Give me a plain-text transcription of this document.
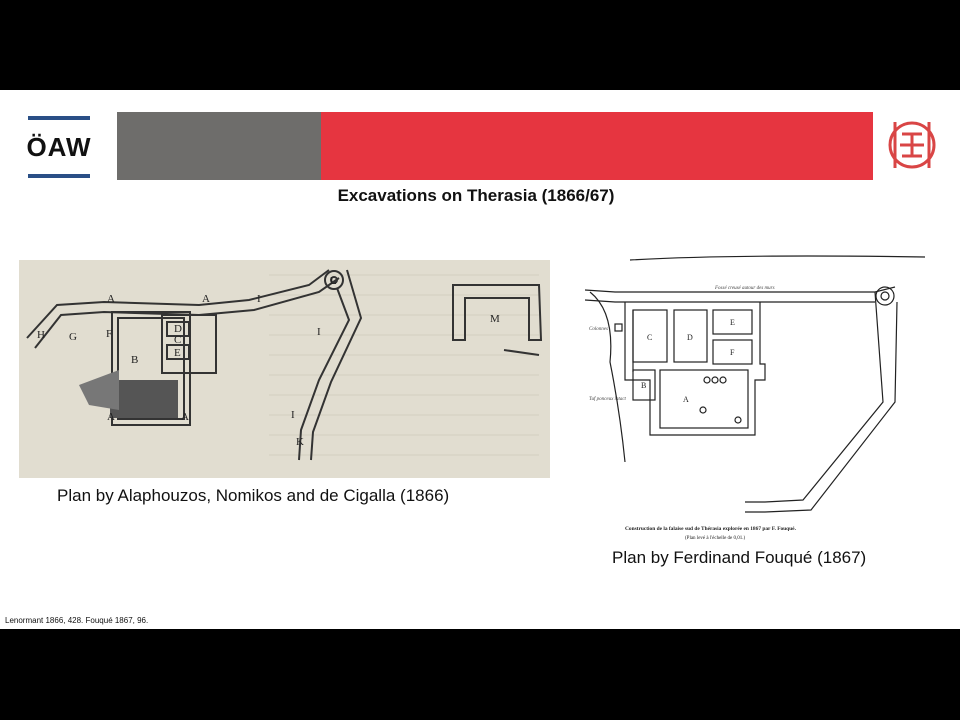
ÖAW
Excavations on Therasia (1866/67)
A	A
A	A
B
C
D
E
F
G
H
I
I
I
K
L
M
C	D
E
F
B
A
Colonnes
Tuf ponceux intact
Fossé creusé autour des murs
Construction de la falaise sud de Thérasia explorée en 1867 par F. Fouqué.
(Plan levé à l'échelle de 0,01.)
Plan by Alaphouzos, Nomikos and de Cigalla (1866)
Plan by Ferdinand Fouqué (1867)
Lenormant 1866, 428. Fouqué 1867, 96.
